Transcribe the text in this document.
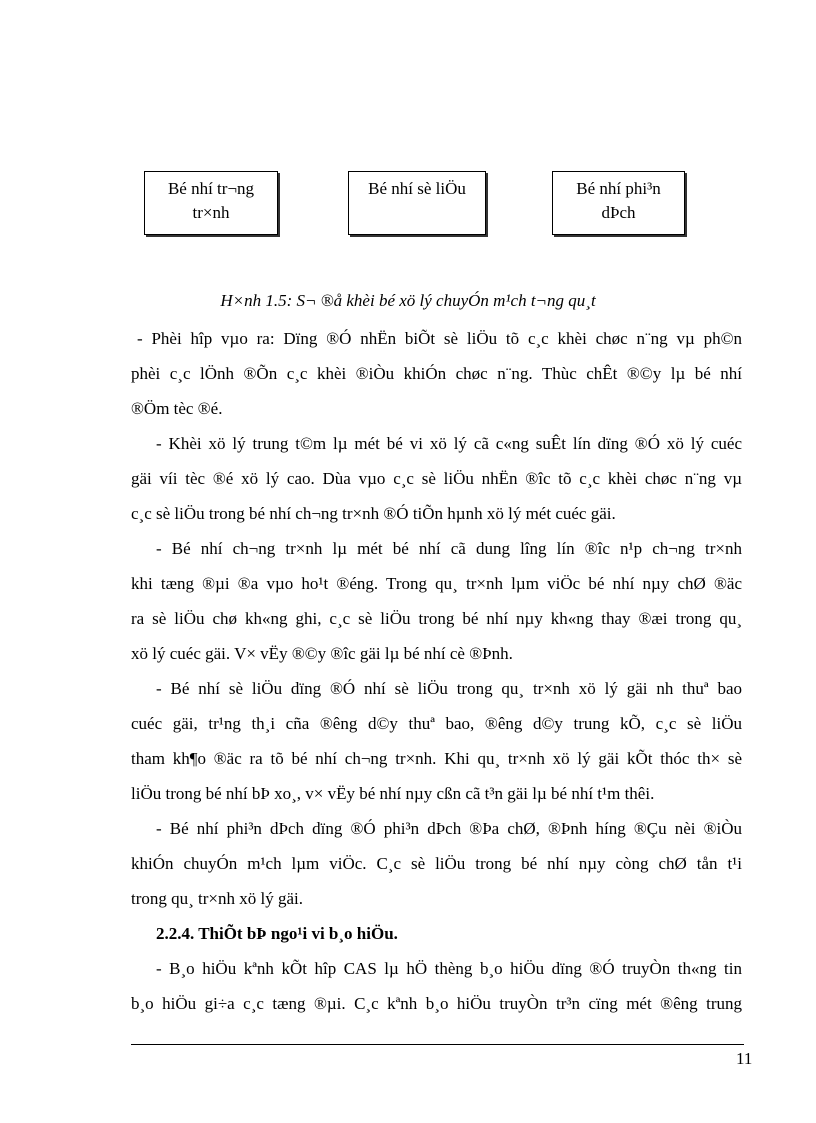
Bé nhí tr¬ng
tr×nh
Bé nhí sè liÖu	Bé nhí phi³n
dÞch
H×nh 1.5: S¬ ®å khèi bé xö lý chuyÓn m¹ch t¬ng qu¸t
- Phèi hîp vµo ra: Dïng ®Ó nhËn biÕt sè liÖu tõ c¸c khèi chøc n¨ng vµ ph©n
phèi c¸c lÖnh ®Õn c¸c khèi ®iÒu khiÓn chøc n¨ng. Thùc chÊt ®©y lµ bé nhí
®Öm tèc ®é.
- Khèi xö lý trung t©m lµ mét bé vi xö lý cã c«ng suÊt lín dïng ®Ó xö lý cuéc
gäi víi tèc ®é xö lý cao. Dùa vµo c¸c sè liÖu nhËn ®îc tõ c¸c khèi chøc n¨ng vµ
c¸c sè liÖu trong bé nhí ch¬ng tr×nh ®Ó tiÕn hµnh xö lý mét cuéc gäi.
- Bé nhí ch¬ng tr×nh lµ mét bé nhí cã dung lîng lín ®îc n¹p ch¬ng tr×nh
khi tæng ®µi ®a vµo ho¹t ®éng. Trong qu¸ tr×nh lµm viÖc bé nhí nµy chØ ®äc
ra sè liÖu chø kh«ng ghi, c¸c sè liÖu trong bé nhí nµy kh«ng thay ®æi trong qu¸
xö lý cuéc gäi. V× vËy ®©y ®îc gäi lµ bé nhí cè ®Þnh.
- Bé nhí sè liÖu dïng ®Ó nhí sè liÖu trong qu¸ tr×nh xö lý gäi nh thuª bao
cuéc gäi, tr¹ng th¸i cña ®êng d©y thuª bao, ®êng d©y trung kÕ, c¸c sè liÖu
tham kh¶o ®äc ra tõ bé nhí ch¬ng tr×nh. Khi qu¸ tr×nh xö lý gäi kÕt thóc th× sè
liÖu trong bé nhí bÞ xo¸, v× vËy bé nhí nµy cßn cã t³n gäi lµ bé nhí t¹m thêi.
- Bé nhí phi³n dÞch dïng ®Ó phi³n dÞch ®Þa chØ, ®Þnh híng ®Çu nèi ®iÒu
khiÓn chuyÓn m¹ch lµm viÖc. C¸c sè liÖu trong bé nhí nµy còng chØ tån t¹i
trong qu¸ tr×nh xö lý gäi.
2.2.4. ThiÕt bÞ ngo¹i vi b¸o hiÖu.
- B¸o hiÖu kªnh kÕt hîp CAS lµ hÖ thèng b¸o hiÖu dïng ®Ó truyÒn th«ng tin
b¸o hiÖu gi÷a c¸c tæng ®µi. C¸c kªnh b¸o hiÖu truyÒn tr³n cïng mét ®êng trung
11
